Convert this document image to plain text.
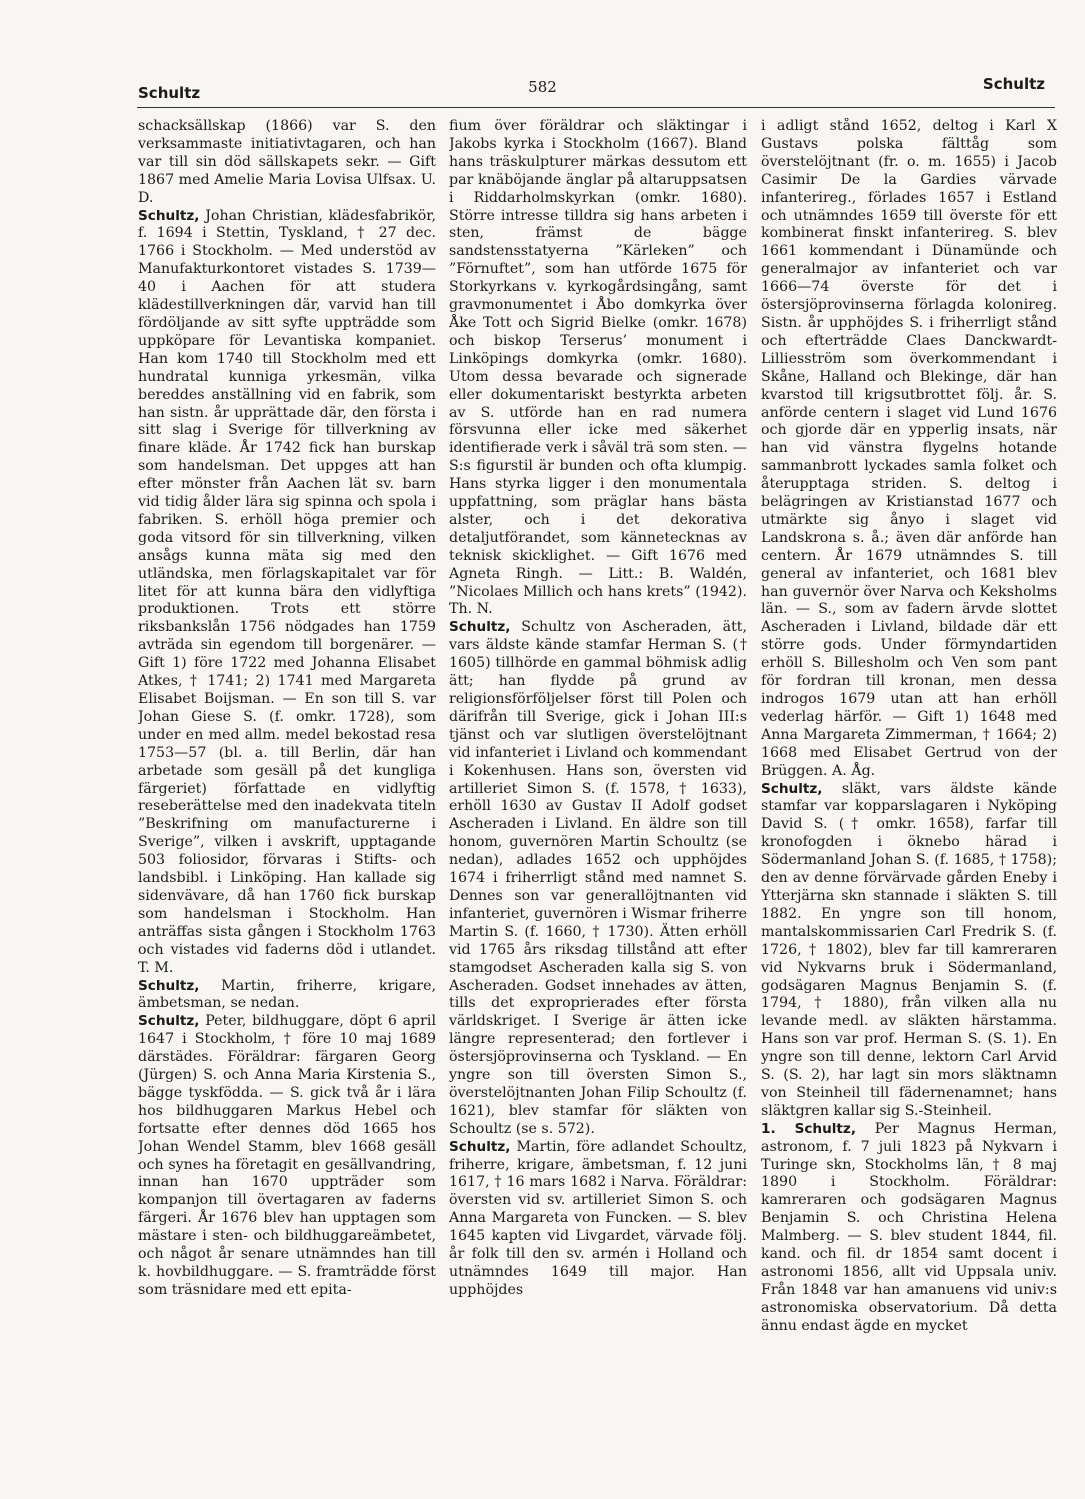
Schultz	582	Schultz

schacksällskap (1866) var S. den verksammaste initiativtagaren, och han var till sin död sällskapets sekr. — Gift 1867 med Amelie Maria Lovisa Ulfsax. U. D.

Schultz, Johan Christian, klädesfabrikör, f. 1694 i Stettin, Tyskland, † 27 dec. 1766 i Stockholm. — Med understöd av Manufakturkontoret vistades S. 1739—40 i Aachen för att studera klädestillverkningen där, varvid han till fördöljande av sitt syfte uppträdde som uppköpare för Levantiska kompaniet. Han kom 1740 till Stockholm med ett hundratal kunniga yrkesmän, vilka bereddes anställning vid en fabrik, som han sistn. år upprättade där, den första i sitt slag i Sverige för tillverkning av finare kläde. År 1742 fick han burskap som handelsman. Det uppges att han efter mönster från Aachen lät sv. barn vid tidig ålder lära sig spinna och spola i fabriken. S. erhöll höga premier och goda vitsord för sin tillverkning, vilken ansågs kunna mäta sig med den utländska, men förlagskapitalet var för litet för att kunna bära den vidlyftiga produktionen. Trots ett större riksbankslån 1756 nödgades han 1759 avträda sin egendom till borgenärer. — Gift 1) före 1722 med Johanna Elisabet Atkes, † 1741; 2) 1741 med Margareta Elisabet Boijsman. — En son till S. var Johan Giese S. (f. omkr. 1728), som under en med allm. medel bekostad resa 1753—57 (bl. a. till Berlin, där han arbetade som gesäll på det kungliga färgeriet) författade en vidlyftig reseberättelse med den inadekvata titeln ”Beskrifning om manufacturerne i Sverige”, vilken i avskrift, upptagande 503 foliosidor, förvaras i Stifts- och landsbibl. i Linköping. Han kallade sig sidenvävare, då han 1760 fick burskap som handelsman i Stockholm. Han anträffas sista gången i Stockholm 1763 och vistades vid faderns död i utlandet. T. M.

Schultz, Martin, friherre, krigare, ämbetsman, se nedan.

Schultz, Peter, bildhuggare, döpt 6 april 1647 i Stockholm, † före 10 maj 1689 därstädes. Föräldrar: färgaren Georg (Jürgen) S. och Anna Maria Kirstenia S., bägge tyskfödda. — S. gick två år i lära hos bildhuggaren Markus Hebel och fortsatte efter dennes död 1665 hos Johan Wendel Stamm, blev 1668 gesäll och synes ha företagit en gesällvandring, innan han 1670 uppträder som kompanjon till övertagaren av faderns färgeri. År 1676 blev han upptagen som mästare i sten- och bildhuggareämbetet, och något år senare utnämndes han till k. hovbildhuggare. — S. framträdde först som träsnidare med ett epita-

fium över föräldrar och släktingar i Jakobs kyrka i Stockholm (1667). Bland hans träskulpturer märkas dessutom ett par knäböjande änglar på altaruppsatsen i Riddarholmskyrkan (omkr. 1680). Större intresse tilldra sig hans arbeten i sten, främst de bägge sandstensstatyerna ”Kärleken” och ”Förnuftet”, som han utförde 1675 för Storkyrkans v. kyrkogårdsingång, samt gravmonumentet i Åbo domkyrka över Åke Tott och Sigrid Bielke (omkr. 1678) och biskop Terserus’ monument i Linköpings domkyrka (omkr. 1680). Utom dessa bevarade och signerade eller dokumentariskt bestyrkta arbeten av S. utförde han en rad numera försvunna eller icke med säkerhet identifierade verk i såväl trä som sten. — S:s figurstil är bunden och ofta klumpig. Hans styrka ligger i den monumentala uppfattning, som präglar hans bästa alster, och i det dekorativa detaljutförandet, som kännetecknas av teknisk skicklighet. — Gift 1676 med Agneta Ringh. — Litt.: B. Waldén, ”Nicolaes Millich och hans krets” (1942). Th. N.

Schultz, Schultz von Ascheraden, ätt, vars äldste kände stamfar Herman S. († 1605) tillhörde en gammal böhmisk adlig ätt; han flydde på grund av religionsförföljelser först till Polen och därifrån till Sverige, gick i Johan III:s tjänst och var slutligen överstelöjtnant vid infanteriet i Livland och kommendant i Kokenhusen. Hans son, översten vid artilleriet Simon S. (f. 1578, † 1633), erhöll 1630 av Gustav II Adolf godset Ascheraden i Livland. En äldre son till honom, guvernören Martin Schoultz (se nedan), adlades 1652 och upphöjdes 1674 i friherrligt stånd med namnet S. Dennes son var generallöjtnanten vid infanteriet, guvernören i Wismar friherre Martin S. (f. 1660, † 1730). Ätten erhöll vid 1765 års riksdag tillstånd att efter stamgodset Ascheraden kalla sig S. von Ascheraden. Godset innehades av ätten, tills det exproprierades efter första världskriget. I Sverige är ätten icke längre representerad; den fortlever i östersjöprovinserna och Tyskland. — En yngre son till översten Simon S., överstelöjtnanten Johan Filip Schoultz (f. 1621), blev stamfar för släkten von Schoultz (se s. 572).

Schultz, Martin, före adlandet Schoultz, friherre, krigare, ämbetsman, f. 12 juni 1617, † 16 mars 1682 i Narva. Föräldrar: översten vid sv. artilleriet Simon S. och Anna Margareta von Funcken. — S. blev 1645 kapten vid Livgardet, värvade följ. år folk till den sv. armén i Holland och utnämndes 1649 till major. Han upphöjdes

i adligt stånd 1652, deltog i Karl X Gustavs polska fälttåg som överstelöjtnant (fr. o. m. 1655) i Jacob Casimir De la Gardies värvade infanterireg., förlades 1657 i Estland och utnämndes 1659 till överste för ett kombinerat finskt infanterireg. S. blev 1661 kommendant i Dünamünde och generalmajor av infanteriet och var 1666—74 överste för det i östersjöprovinserna förlagda kolonireg. Sistn. år upphöjdes S. i friherrligt stånd och efterträdde Claes Danckwardt-Lilliesström som överkommendant i Skåne, Halland och Blekinge, där han kvarstod till krigsutbrottet följ. år. S. anförde centern i slaget vid Lund 1676 och gjorde där en ypperlig insats, när han vid vänstra flygelns hotande sammanbrott lyckades samla folket och återupptaga striden. S. deltog i belägringen av Kristianstad 1677 och utmärkte sig ånyo i slaget vid Landskrona s. å.; även där anförde han centern. År 1679 utnämndes S. till general av infanteriet, och 1681 blev han guvernör över Narva och Keksholms län. — S., som av fadern ärvde slottet Ascheraden i Livland, bildade där ett större gods. Under förmyndartiden erhöll S. Billesholm och Ven som pant för fordran till kronan, men dessa indrogos 1679 utan att han erhöll vederlag härför. — Gift 1) 1648 med Anna Margareta Zimmerman, † 1664; 2) 1668 med Elisabet Gertrud von der Brüggen. A. Åg.

Schultz, släkt, vars äldste kände stamfar var kopparslagaren i Nyköping David S. († omkr. 1658), farfar till kronofogden i öknebo härad i Södermanland Johan S. (f. 1685, † 1758); den av denne förvärvade gården Eneby i Ytterjärna skn stannade i släkten S. till 1882. En yngre son till honom, mantalskommissarien Carl Fredrik S. (f. 1726, † 1802), blev far till kamreraren vid Nykvarns bruk i Södermanland, godsägaren Magnus Benjamin S. (f. 1794, † 1880), från vilken alla nu levande medl. av släkten härstamma. Hans son var prof. Herman S. (S. 1). En yngre son till denne, lektorn Carl Arvid S. (S. 2), har lagt sin mors släktnamn von Steinheil till fädernenamnet; hans släktgren kallar sig S.-Steinheil.

1. Schultz, Per Magnus Herman, astronom, f. 7 juli 1823 på Nykvarn i Turinge skn, Stockholms län, † 8 maj 1890 i Stockholm. Föräldrar: kamreraren och godsägaren Magnus Benjamin S. och Christina Helena Malmberg. — S. blev student 1844, fil. kand. och fil. dr 1854 samt docent i astronomi 1856, allt vid Uppsala univ. Från 1848 var han amanuens vid univ:s astronomiska observatorium. Då detta ännu endast ägde en mycket
